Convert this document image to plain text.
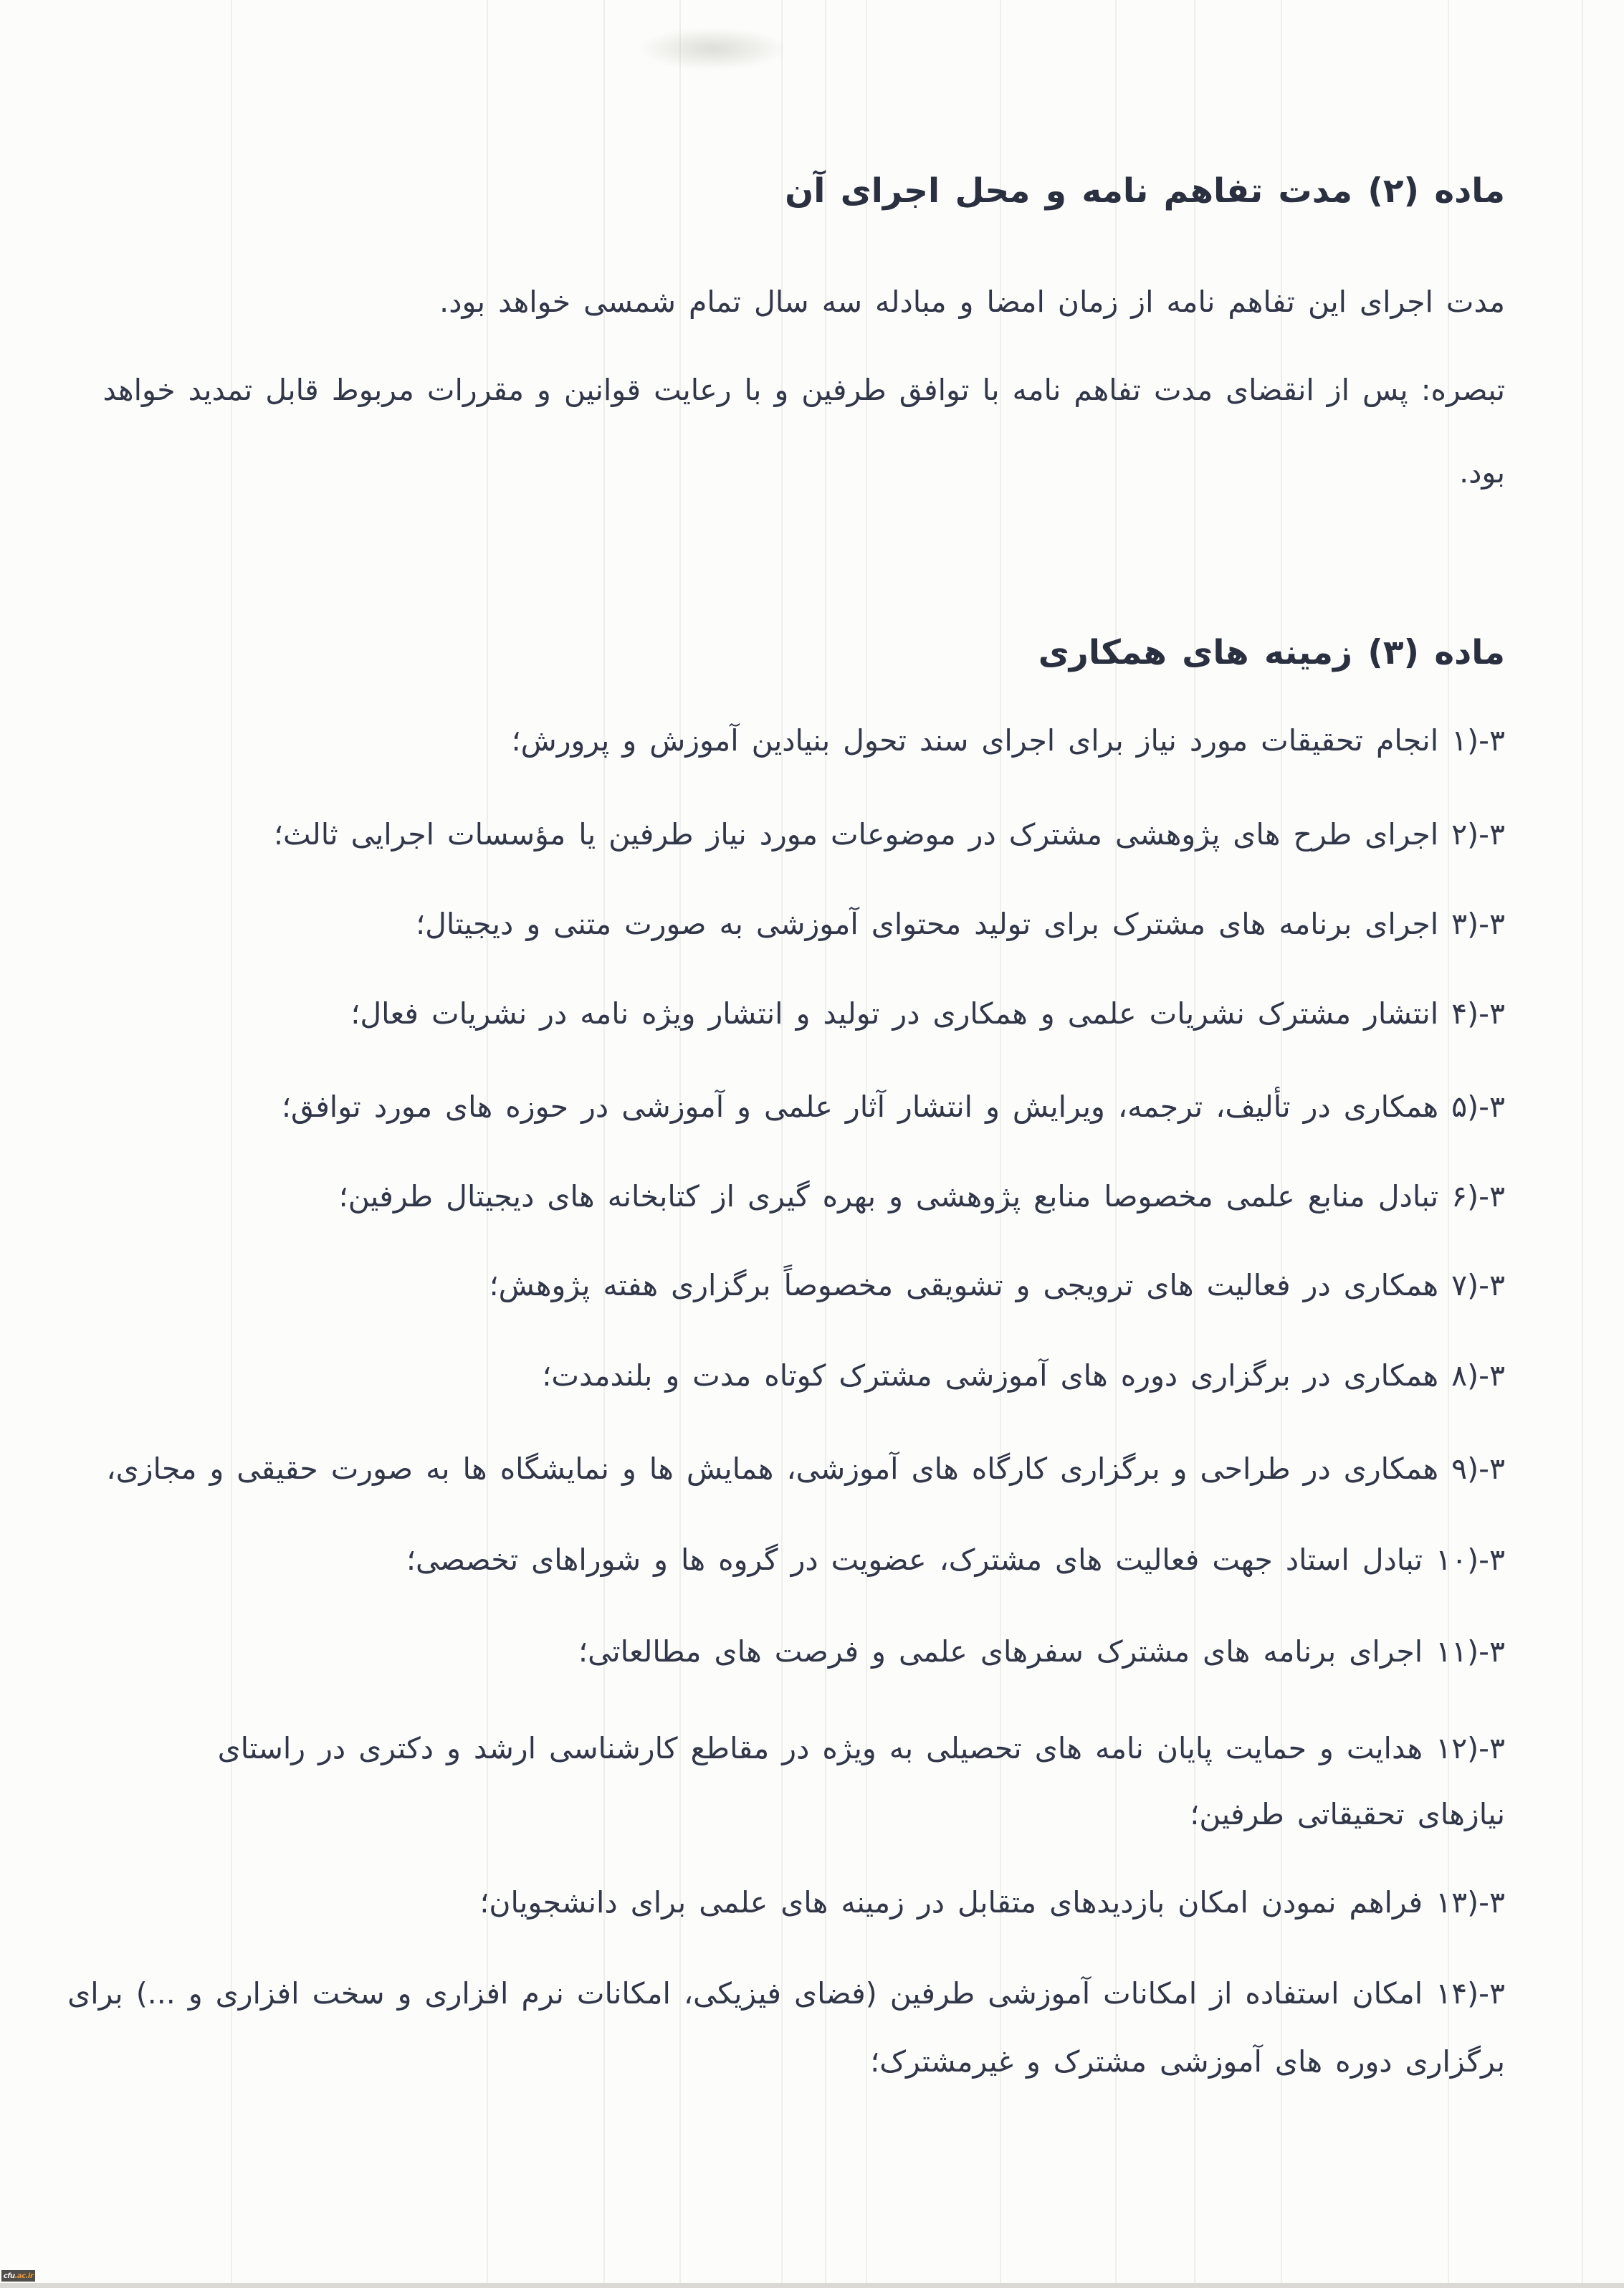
ماده (۲) مدت تفاهم نامه و محل اجرای آن
مدت اجرای این تفاهم نامه از زمان امضا و مبادله سه سال تمام شمسی خواهد بود.
تبصره: پس از انقضای مدت تفاهم نامه با توافق طرفین و با رعایت قوانین و مقررات مربوط قابل تمدید خواهد
بود.
ماده (۳) زمینه های همکاری
۳‏-‏۱‎)‎ انجام تحقیقات مورد نیاز برای اجرای سند تحول بنیادین آموزش و پرورش؛
۳‏-‏۲‎)‎ اجرای طرح های پژوهشی مشترک در موضوعات مورد نیاز طرفین یا مؤسسات اجرایی ثالث؛
۳‏-‏۳‎)‎ اجرای برنامه های مشترک برای تولید محتوای آموزشی به صورت متنی و دیجیتال؛
۳‏-‏۴‎)‎ انتشار مشترک نشریات علمی و همکاری در تولید و انتشار ویژه نامه در نشریات فعال؛
۳‏-‏۵‎)‎ همکاری در تألیف، ترجمه، ویرایش و انتشار آثار علمی و آموزشی در حوزه های مورد توافق؛
۳‏-‏۶‎)‎ تبادل منابع علمی مخصوصا منابع پژوهشی و بهره گیری از کتابخانه های دیجیتال طرفین؛
۳‏-‏۷‎)‎ همکاری در فعالیت های ترویجی و تشویقی مخصوصاً برگزاری هفته پژوهش؛
۳‏-‏۸‎)‎ همکاری در برگزاری دوره های آموزشی مشترک کوتاه مدت و بلندمدت؛
۳‏-‏۹‎)‎ همکاری در طراحی و برگزاری کارگاه های آموزشی، همایش ها و نمایشگاه ها به صورت حقیقی و مجازی،
۳‏-‏۱۰‎)‎ تبادل استاد جهت فعالیت های مشترک، عضویت در گروه ها و شوراهای تخصصی؛
۳‏-‏۱۱‎)‎ اجرای برنامه های مشترک سفرهای علمی و فرصت های مطالعاتی؛
۳‏-‏۱۲‎)‎ هدایت و حمایت پایان نامه های تحصیلی به ویژه در مقاطع کارشناسی ارشد و دکتری در راستای
نیازهای تحقیقاتی طرفین؛
۳‏-‏۱۳‎)‎ فراهم نمودن امکان بازدیدهای متقابل در زمینه های علمی برای دانشجویان؛
۳‏-‏۱۴‎)‎ امکان استفاده از امکانات آموزشی طرفین (فضای فیزیکی، امکانات نرم افزاری و سخت افزاری و ...) برای
برگزاری دوره های آموزشی مشترک و غیرمشترک؛
cfu .ac.ir
